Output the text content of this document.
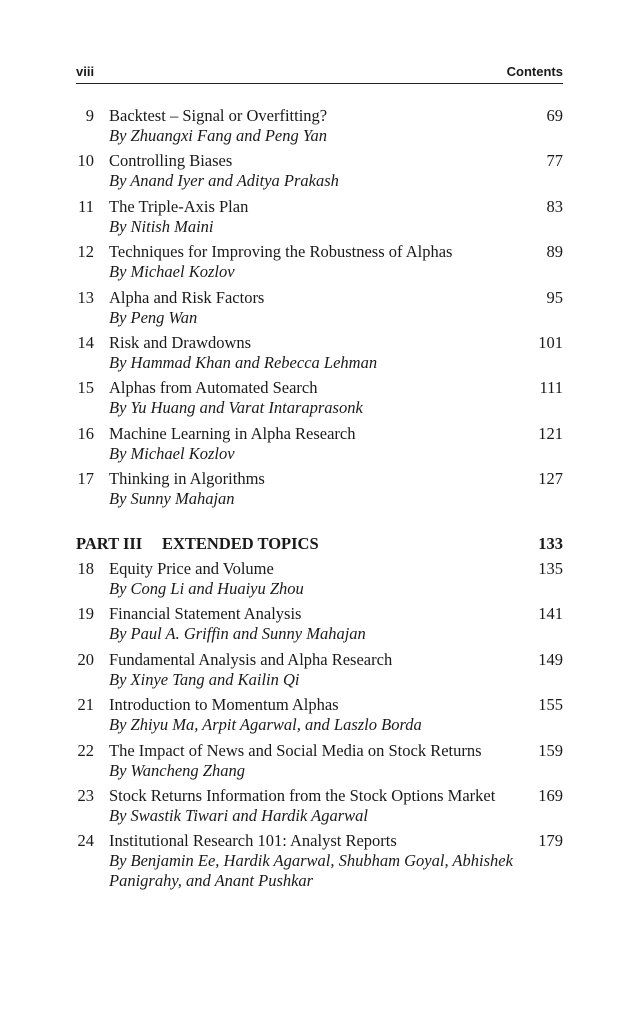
viii	Contents
9 Backtest – Signal or Overfitting?	69
By Zhuangxi Fang and Peng Yan
10 Controlling Biases	77
By Anand Iyer and Aditya Prakash
11 The Triple-Axis Plan	83
By Nitish Maini
12 Techniques for Improving the Robustness of Alphas	89
By Michael Kozlov
13 Alpha and Risk Factors	95
By Peng Wan
14 Risk and Drawdowns	101
By Hammad Khan and Rebecca Lehman
15 Alphas from Automated Search	111
By Yu Huang and Varat Intaraprasonk
16 Machine Learning in Alpha Research	121
By Michael Kozlov
17 Thinking in Algorithms	127
By Sunny Mahajan
PART III EXTENDED TOPICS	133
18 Equity Price and Volume	135
By Cong Li and Huaiyu Zhou
19 Financial Statement Analysis	141
By Paul A. Griffin and Sunny Mahajan
20 Fundamental Analysis and Alpha Research	149
By Xinye Tang and Kailin Qi
21 Introduction to Momentum Alphas	155
By Zhiyu Ma, Arpit Agarwal, and Laszlo Borda
22 The Impact of News and Social Media on Stock Returns	159
By Wancheng Zhang
23 Stock Returns Information from the Stock Options Market	169
By Swastik Tiwari and Hardik Agarwal
24 Institutional Research 101: Analyst Reports	179
By Benjamin Ee, Hardik Agarwal, Shubham Goyal, Abhishek
Panigrahy, and Anant Pushkar
